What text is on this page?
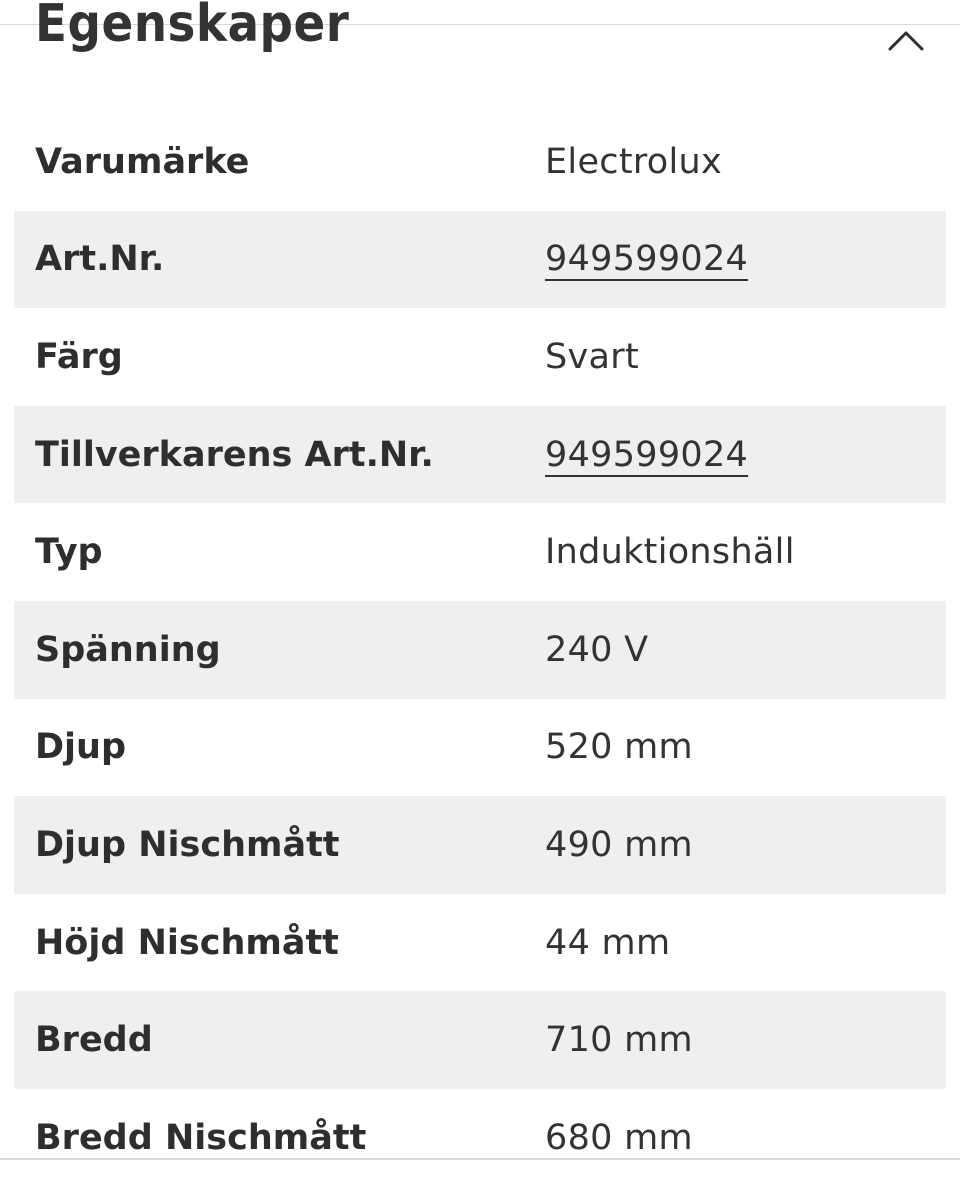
Egenskaper
Varumärke	Electrolux
Art.Nr.	949599024
Färg	Svart
Tillverkarens Art.Nr.	949599024
Typ	Induktionshäll
Spänning	240 V
Djup	520 mm
Djup Nischmått	490 mm
Höjd Nischmått	44 mm
Bredd	710 mm
Bredd Nischmått	680 mm
